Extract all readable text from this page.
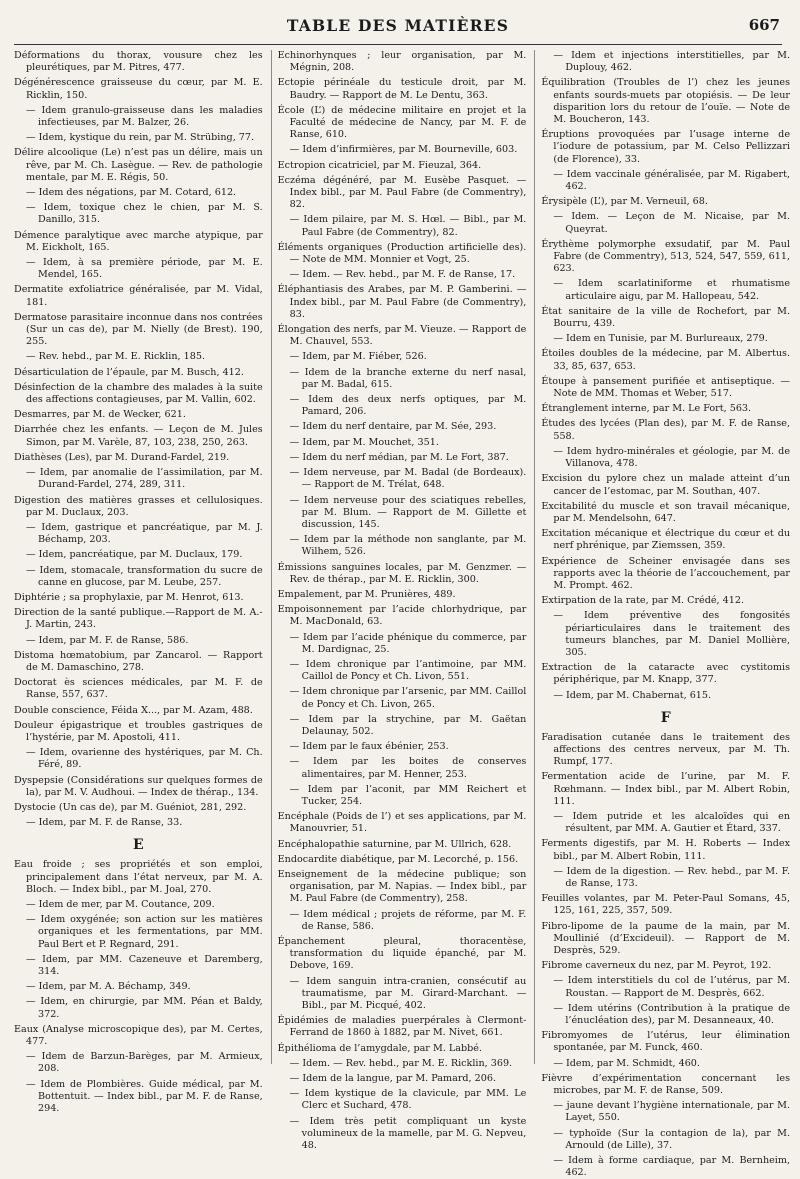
TABLE DES MATIÈRES	667
Déformations du thorax, vousure chez les pleurétiques, par M. Pitres, 477.
Dégénérescence graisseuse du cœur, par M. E. Ricklin, 150.
— Idem granulo-graisseuse dans les maladies infectieuses, par M. Balzer, 26.
— Idem, kystique du rein, par M. Strübing, 77.
Délire alcoolique (Le) n’est pas un délire, mais un rêve, par M. Ch. Lasègue. — Rev. de pathologie mentale, par M. E. Régis, 50.
— Idem des négations, par M. Cotard, 612.
— Idem, toxique chez le chien, par M. S. Danillo, 315.
Démence paralytique avec marche atypique, par M. Eickholt, 165.
— Idem, à sa première période, par M. E. Mendel, 165.
Dermatite exfoliatrice généralisée, par M. Vidal, 181.
Dermatose parasitaire inconnue dans nos contrées (Sur un cas de), par M. Nielly (de Brest). 190, 255.
— Rev. hebd., par M. E. Ricklin, 185.
Désarticulation de l’épaule, par M. Busch, 412.
Désinfection de la chambre des malades à la suite des affections contagieuses, par M. Vallin, 602.
Desmarres, par M. de Wecker, 621.
Diarrhée chez les enfants. — Leçon de M. Jules Simon, par M. Varèle, 87, 103, 238, 250, 263.
Diathèses (Les), par M. Durand-Fardel, 219.
— Idem, par anomalie de l’assimilation, par M. Durand-Fardel, 274, 289, 311.
Digestion des matières grasses et cellulosiques. par M. Duclaux, 203.
— Idem, gastrique et pancréatique, par M. J. Béchamp, 203.
— Idem, pancréatique, par M. Duclaux, 179.
— Idem, stomacale, transformation du sucre de canne en glucose, par M. Leube, 257.
Diphtérie ; sa prophylaxie, par M. Henrot, 613.
Direction de la santé publique.—Rapport de M. A.-J. Martin, 243.
— Idem, par M. F. de Ranse, 586.
Distoma hœmatobium, par Zancarol. — Rapport de M. Damaschino, 278.
Doctorat ès sciences médicales, par M. F. de Ranse, 557, 637.
Double conscience, Féida X..., par M. Azam, 488.
Douleur épigastrique et troubles gastriques de l’hystérie, par M. Apostoli, 411.
— Idem, ovarienne des hystériques, par M. Ch. Féré, 89.
Dyspepsie (Considérations sur quelques formes de la), par M. V. Audhoui. — Index de thérap., 134.
Dystocie (Un cas de), par M. Guéniot, 281, 292.
— Idem, par M. F. de Ranse, 33.
E
Eau froide ; ses propriétés et son emploi, principalement dans l’état nerveux, par M. A. Bloch. — Index bibl., par M. Joal, 270.
— Idem de mer, par M. Coutance, 209.
— Idem oxygénée; son action sur les matières organiques et les fermentations, par MM. Paul Bert et P. Regnard, 291.
— Idem, par MM. Cazeneuve et Daremberg, 314.
— Idem, par M. A. Béchamp, 349.
— Idem, en chirurgie, par MM. Péan et Baldy, 372.
Eaux (Analyse microscopique des), par M. Certes, 477.
— Idem de Barzun-Barèges, par M. Armieux, 208.
— Idem de Plombières. Guide médical, par M. Bottentuit. — Index bibl., par M. F. de Ranse, 294.
Echinorhynques ; leur organisation, par M. Mégnin, 208.
Ectopie périnéale du testicule droit, par M. Baudry. — Rapport de M. Le Dentu, 363.
École (L’) de médecine militaire en projet et la Faculté de médecine de Nancy, par M. F. de Ranse, 610.
— Idem d’infirmières, par M. Bourneville, 603.
Ectropion cicatriciel, par M. Fieuzal, 364.
Eczéma dégénéré, par M. Eusèbe Pasquet. — Index bibl., par M. Paul Fabre (de Commentry), 82.
— Idem pilaire, par M. S. Hœl. — Bibl., par M. Paul Fabre (de Commentry), 82.
Éléments organiques (Production artificielle des). — Note de MM. Monnier et Vogt, 25.
— Idem. — Rev. hebd., par M. F. de Ranse, 17.
Éléphantiasis des Arabes, par M. P. Gamberini. — Index bibl., par M. Paul Fabre (de Commentry), 83.
Élongation des nerfs, par M. Vieuze. — Rapport de M. Chauvel, 553.
— Idem, par M. Fiéber, 526.
— Idem de la branche externe du nerf nasal, par M. Badal, 615.
— Idem des deux nerfs optiques, par M. Pamard, 206.
— Idem du nerf dentaire, par M. Sée, 293.
— Idem, par M. Mouchet, 351.
— Idem du nerf médian, par M. Le Fort, 387.
— Idem nerveuse, par M. Badal (de Bordeaux). — Rapport de M. Trélat, 648.
— Idem nerveuse pour des sciatiques rebelles, par M. Blum. — Rapport de M. Gillette et discussion, 145.
— Idem par la méthode non sanglante, par M. Wilhem, 526.
Émissions sanguines locales, par M. Genzmer. — Rev. de thérap., par M. E. Ricklin, 300.
Empalement, par M. Prunières, 489.
Empoisonnement par l’acide chlorhydrique, par M. MacDonald, 63.
— Idem par l’acide phénique du commerce, par M. Dardignac, 25.
— Idem chronique par l’antimoine, par MM. Caillol de Poncy et Ch. Livon, 551.
— Idem chronique par l’arsenic, par MM. Caillol de Poncy et Ch. Livon, 265.
— Idem par la strychine, par M. Gaëtan Delaunay, 502.
— Idem par le faux ébénier, 253.
— Idem par les boites de conserves alimentaires, par M. Henner, 253.
— Idem par l’aconit, par MM Reichert et Tucker, 254.
Encéphale (Poids de l’) et ses applications, par M. Manouvrier, 51.
Encéphalopathie saturnine, par M. Ullrich, 628.
Endocardite diabétique, par M. Lecorché, p. 156.
Enseignement de la médecine publique; son organisation, par M. Napias. — Index bibl., par M. Paul Fabre (de Commentry), 258.
— Idem médical ; projets de réforme, par M. F. de Ranse, 586.
Épanchement pleural, thoracentèse, transformation du liquide épanché, par M. Debove, 169.
— Idem sanguin intra-cranien, consécutif au traumatisme, par M. Girard-Marchant. — Bibl., par M. Picqué, 402.
Épidémies de maladies puerpérales à Clermont-Ferrand de 1860 à 1882, par M. Nivet, 661.
Épithélioma de l’amygdale, par M. Labbé.
— Idem. — Rev. hebd., par M. E. Ricklin, 369.
— Idem de la langue, par M. Pamard, 206.
— Idem kystique de la clavicule, par MM. Le Clerc et Suchard, 478.
— Idem très petit compliquant un kyste volumineux de la mamelle, par M. G. Nepveu, 48.
— Idem et injections interstitielles, par M. Duplouy, 462.
Équilibration (Troubles de l’) chez les jeunes enfants sourds-muets par otopiésis. — De leur disparition lors du retour de l’ouïe. — Note de M. Boucheron, 143.
Éruptions provoquées par l’usage interne de l’iodure de potassium, par M. Celso Pellizzari (de Florence), 33.
— Idem vaccinale généralisée, par M. Rigabert, 462.
Érysipèle (L’), par M. Verneuil, 68.
— Idem. — Leçon de M. Nicaise, par M. Queyrat.
Érythème polymorphe exsudatif, par M. Paul Fabre (de Commentry), 513, 524, 547, 559, 611, 623.
— Idem scarlatiniforme et rhumatisme articulaire aigu, par M. Hallopeau, 542.
État sanitaire de la ville de Rochefort, par M. Bourru, 439.
— Idem en Tunisie, par M. Burlureaux, 279.
Étoiles doubles de la médecine, par M. Albertus. 33, 85, 637, 653.
Étoupe à pansement purifiée et antiseptique. — Note de MM. Thomas et Weber, 517.
Étranglement interne, par M. Le Fort, 563.
Études des lycées (Plan des), par M. F. de Ranse, 558.
— Idem hydro-minérales et géologie, par M. de Villanova, 478.
Excision du pylore chez un malade atteint d’un cancer de l’estomac, par M. Southan, 407.
Excitabilité du muscle et son travail mécanique, par M. Mendelsohn, 647.
Excitation mécanique et électrique du cœur et du nerf phrénique, par Ziemssen, 359.
Expérience de Scheiner envisagée dans ses rapports avec la théorie de l’accouchement, par M. Prompt. 462.
Extirpation de la rate, par M. Crédé, 412.
— Idem préventive des fongosités périarticulaires dans le traitement des tumeurs blanches, par M. Daniel Mollière, 305.
Extraction de la cataracte avec cystitomis périphérique, par M. Knapp, 377.
— Idem, par M. Chabernat, 615.
F
Faradisation cutanée dans le traitement des affections des centres nerveux, par M. Th. Rumpf, 177.
Fermentation acide de l’urine, par M. F. Rœhmann. — Index bibl., par M. Albert Robin, 111.
— Idem putride et les alcaloïdes qui en résultent, par MM. A. Gautier et Étard, 337.
Ferments digestifs, par M. H. Roberts — Index bibl., par M. Albert Robin, 111.
— Idem de la digestion. — Rev. hebd., par M. F. de Ranse, 173.
Feuilles volantes, par M. Peter-Paul Somans, 45, 125, 161, 225, 357, 509.
Fibro-lipome de la paume de la main, par M. Moullinié (d’Excideuil). — Rapport de M. Desprès, 529.
Fibrome caverneux du nez, par M. Peyrot, 192.
— Idem interstitiels du col de l’utérus, par M. Roustan. — Rapport de M. Desprès, 662.
— Idem utérins (Contribution à la pratique de l’énucléation des), par M. Desanneaux, 40.
Fibromyomes de l’utérus, leur élimination spontanée, par M. Funck, 460.
— Idem, par M. Schmidt, 460.
Fièvre d’expérimentation concernant les microbes, par M. F. de Ranse, 509.
— jaune devant l’hygiène internationale, par M. Layet, 550.
— typhoïde (Sur la contagion de la), par M. Arnould (de Lille), 37.
— Idem à forme cardiaque, par M. Bernheim, 462.
